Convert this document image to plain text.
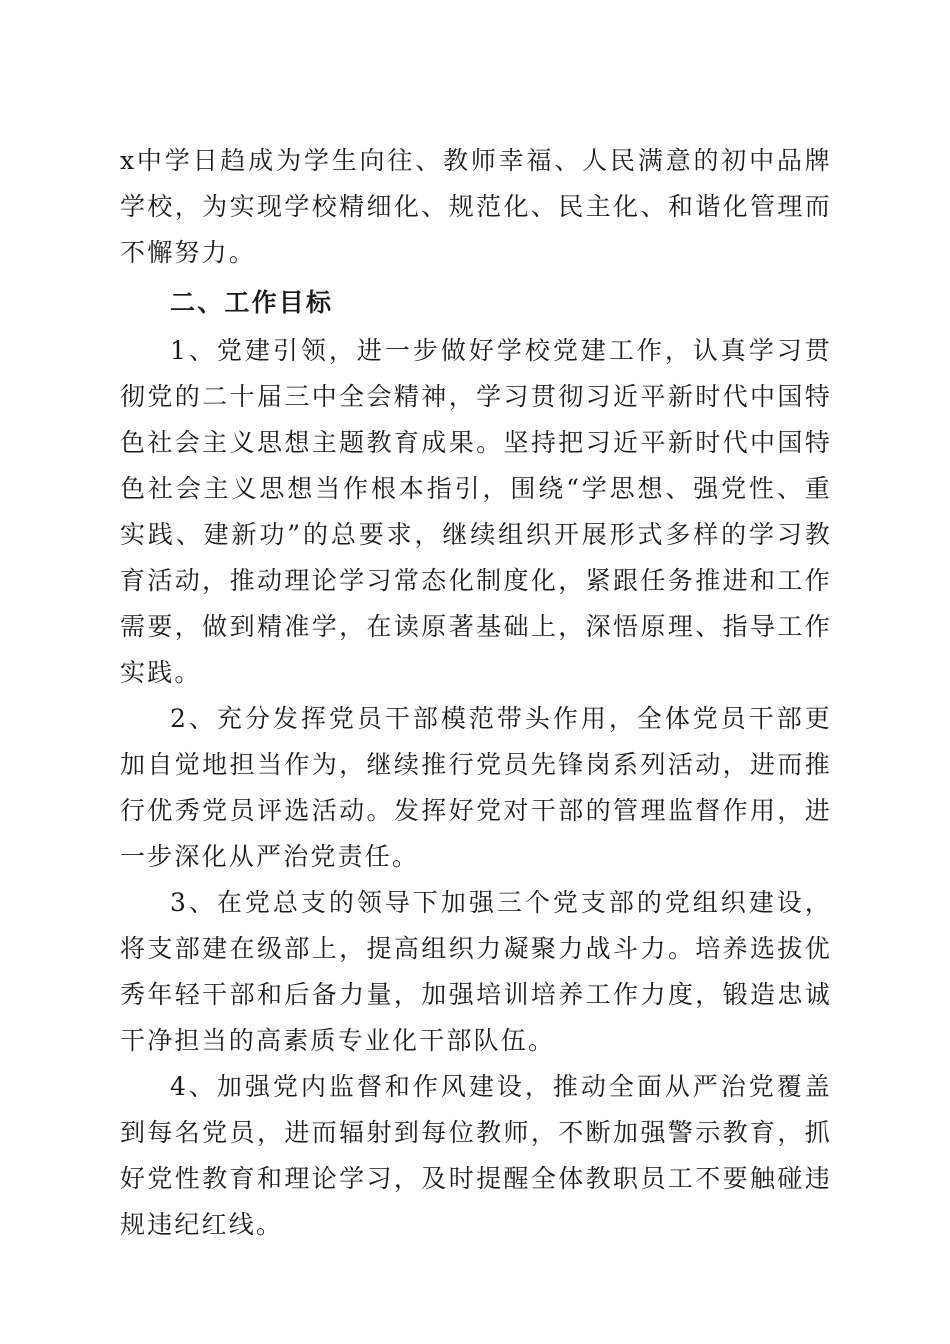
x中学日趋成为学生向往、教师幸福、人民满意的初中品牌学校，为实现学校精细化、规范化、民主化、和谐化管理而不懈努力。

二、工作目标

1、党建引领，进一步做好学校党建工作，认真学习贯彻党的二十届三中全会精神，学习贯彻习近平新时代中国特色社会主义思想主题教育成果。坚持把习近平新时代中国特色社会主义思想当作根本指引，围绕“学思想、强党性、重实践、建新功”的总要求，继续组织开展形式多样的学习教育活动，推动理论学习常态化制度化，紧跟任务推进和工作需要，做到精准学，在读原著基础上，深悟原理、指导工作实践。

2、充分发挥党员干部模范带头作用，全体党员干部更加自觉地担当作为，继续推行党员先锋岗系列活动，进而推行优秀党员评选活动。发挥好党对干部的管理监督作用，进一步深化从严治党责任。

3、在党总支的领导下加强三个党支部的党组织建设，将支部建在级部上，提高组织力凝聚力战斗力。培养选拔优秀年轻干部和后备力量，加强培训培养工作力度，锻造忠诚干净担当的高素质专业化干部队伍。

4、加强党内监督和作风建设，推动全面从严治党覆盖到每名党员，进而辐射到每位教师，不断加强警示教育，抓好党性教育和理论学习，及时提醒全体教职员工不要触碰违规违纪红线。
